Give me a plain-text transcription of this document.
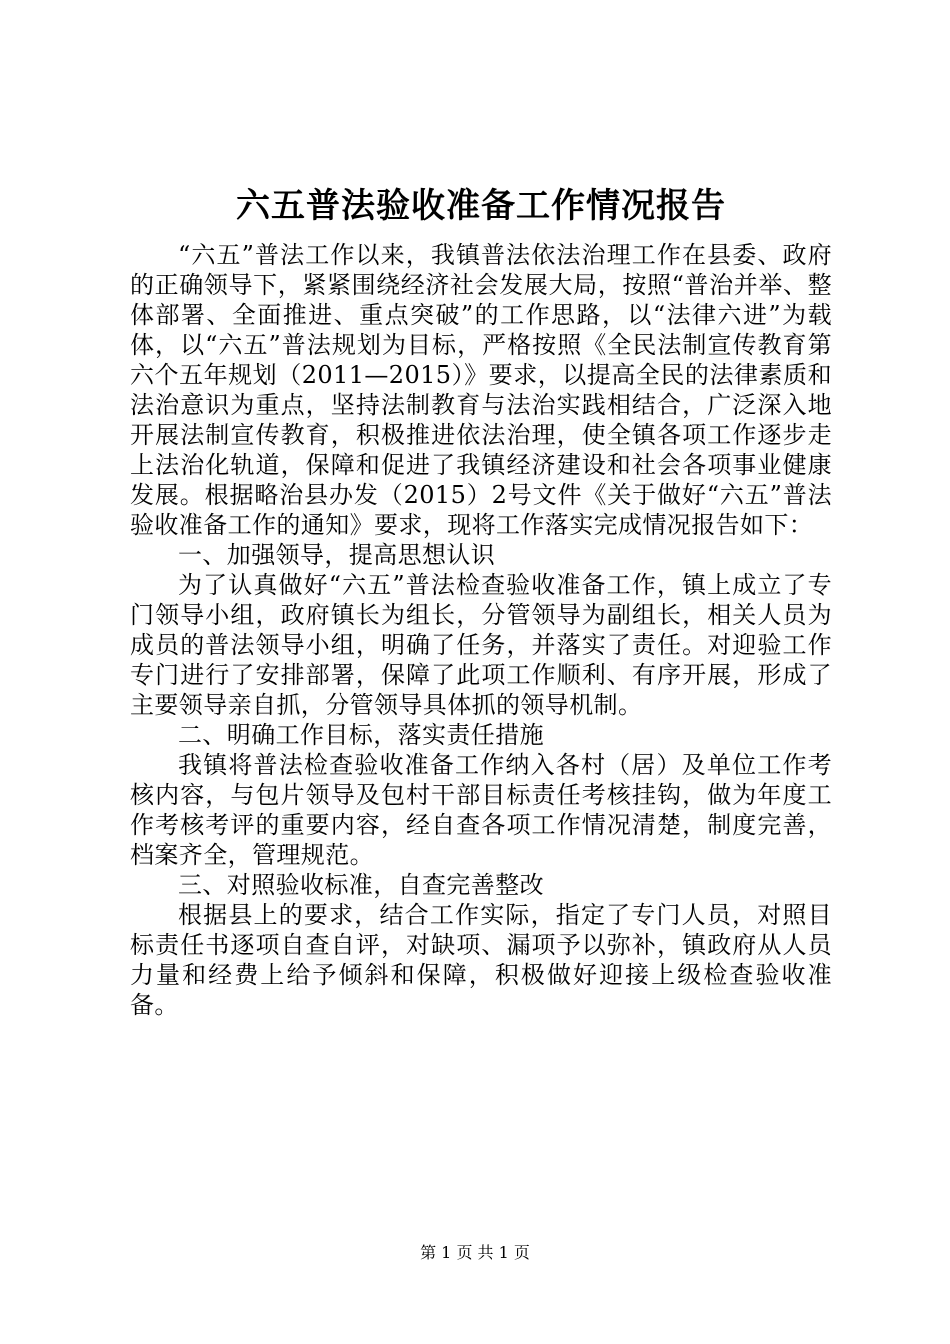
六五普法验收准备工作情况报告

“六五”普法工作以来，我镇普法依法治理工作在县委、政府的正确领导下，紧紧围绕经济社会发展大局，按照“普治并举、整体部署、全面推进、重点突破”的工作思路，以“法律六进”为载体，以“六五”普法规划为目标，严格按照《全民法制宣传教育第六个五年规划（2011—2015）》要求，以提高全民的法律素质和法治意识为重点，坚持法制教育与法治实践相结合，广泛深入地开展法制宣传教育，积极推进依法治理，使全镇各项工作逐步走上法治化轨道，保障和促进了我镇经济建设和社会各项事业健康发展。根据略治县办发（2015）2号文件《关于做好“六五”普法验收准备工作的通知》要求，现将工作落实完成情况报告如下：

一、加强领导，提高思想认识

为了认真做好“六五”普法检查验收准备工作，镇上成立了专门领导小组，政府镇长为组长，分管领导为副组长，相关人员为成员的普法领导小组，明确了任务，并落实了责任。对迎验工作专门进行了安排部署，保障了此项工作顺利、有序开展，形成了主要领导亲自抓，分管领导具体抓的领导机制。

二、明确工作目标，落实责任措施

我镇将普法检查验收准备工作纳入各村（居）及单位工作考核内容，与包片领导及包村干部目标责任考核挂钩，做为年度工作考核考评的重要内容，经自查各项工作情况清楚，制度完善，档案齐全，管理规范。

三、对照验收标准，自查完善整改

根据县上的要求，结合工作实际，指定了专门人员，对照目标责任书逐项自查自评，对缺项、漏项予以弥补，镇政府从人员力量和经费上给予倾斜和保障，积极做好迎接上级检查验收准备。

第 1 页 共 1 页
